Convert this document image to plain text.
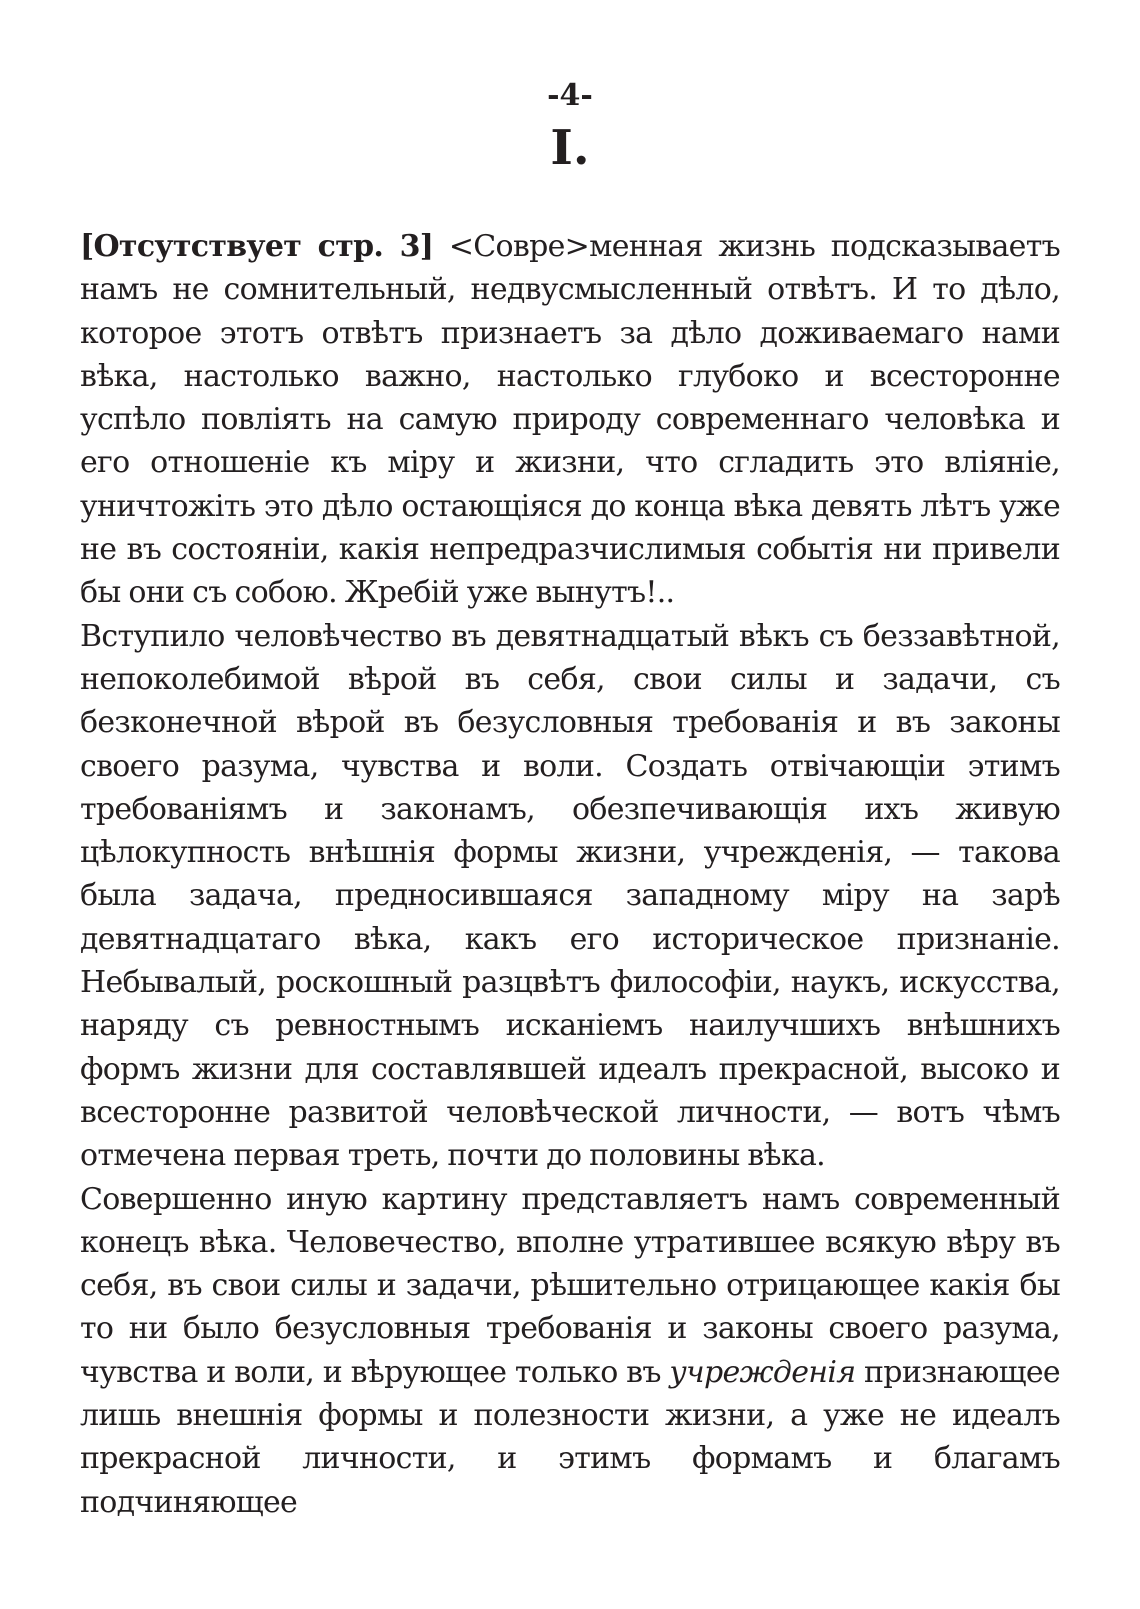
-4-
I.

[Отсутствует стр. 3] <Совре>менная жизнь подсказываетъ намъ не сомнительный, недвусмысленный отвѣтъ. И то дѣло, которое этотъ отвѣтъ признаетъ за дѣло доживаемаго нами вѣка, настолько важно, настолько глубоко и всесторонне успѣло повлiять на самую природу современнаго человѣка и его отношенiе къ мiру и жизни, что сгладить это влiянiе, уничтожiть это дѣло остающiяся до конца вѣка девять лѣтъ уже не въ состоянiи, какiя непредразчислимыя событiя ни привели бы они съ собою. Жребiй уже вынутъ!..

Вступило человѣчество въ девятнадцатый вѣкъ съ беззавѣтной, непоколебимой вѣрой въ себя, свои силы и задачи, съ безконечной вѣрой въ безусловныя требованiя и въ законы своего разума, чувства и воли. Создать отвiчающiи этимъ требованiямъ и законамъ, обезпечивающiя ихъ живую цѣлокупность внѣшнiя формы жизни, учрежденiя, — такова была задача, предносившаяся западному мiру на зарѣ девятнадцатаго вѣка, какъ его историческое признанiе. Небывалый, роскошный разцвѣтъ философiи, наукъ, искусства, наряду съ ревностнымъ исканiемъ наилучшихъ внѣшнихъ формъ жизни для составлявшей идеалъ прекрасной, высоко и всесторонне развитой человѣческой личности, — вотъ чѣмъ отмечена первая треть, почти до половины вѣка.

Совершенно иную картину представляетъ намъ современный конецъ вѣка. Человечество, вполне утратившее всякую вѣру въ себя, въ свои силы и задачи, рѣшительно отрицающее какiя бы то ни было безусловныя требованiя и законы своего разума, чувства и воли, и вѣрующее только въ учрежденiя признающее лишь внешнiя формы и полезности жизни, а уже не идеалъ прекрасной личности, и этимъ формамъ и благамъ подчиняющее
